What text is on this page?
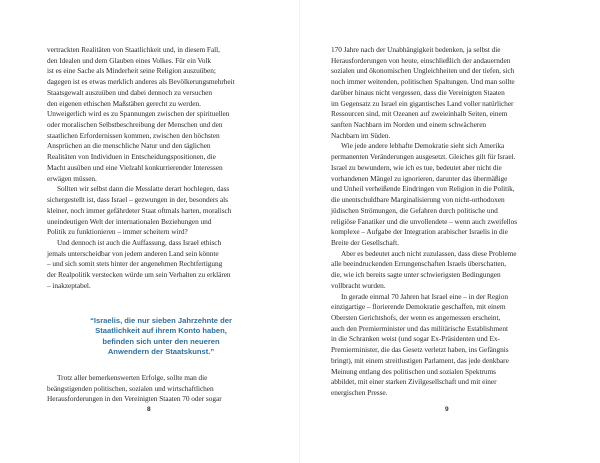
vertrackten Realitäten von Staatlichkeit und, in diesem Fall,
den Idealen und dem Glauben eines Volkes. Für ein Volk
ist es eine Sache als Minderheit seine Religion auszuüben;
dagegen ist es etwas merklich anderes als Bevölkerungsmehrheit
Staatsgewalt auszuüben und dabei dennoch zu versuchen
den eigenen ethischen Maßstäben gerecht zu werden.
Unweigerlich wird es zu Spannungen zwischen der spirituellen
oder moralischen Selbstbeschreibung der Menschen und den
staatlichen Erfordernissen kommen, zwischen den höchsten
Ansprüchen an die menschliche Natur und den täglichen
Realitäten von Individuen in Entscheidungspositionen, die
Macht ausüben und eine Vielzahl konkurrierender Interessen
erwägen müssen.
Sollten wir selbst dann die Messlatte derart hochlegen, dass
sichergestellt ist, dass Israel – gezwungen in der, besonders als
kleiner, noch immer gefährdeter Staat oftmals harten, moralisch
uneindeutigen Welt der internationalen Beziehungen und
Politik zu funktionieren – immer scheitern wird?
Und dennoch ist auch die Auffassung, dass Israel ethisch
jemals unterscheidbar von jedem anderen Land sein könnte
– und sich somit stets hinter der angenehmen Rechtfertigung
der Realpolitik verstecken würde um sein Verhalten zu erklären
– inakzeptabel.
“Israelis, die nur sieben Jahrzehnte der
Staatlichkeit auf ihrem Konto haben,
befinden sich unter den neueren
Anwendern der Staatskunst.”
Trotz aller bemerkenswerten Erfolge, sollte man die
beängstigenden politischen, sozialen und wirtschaftlichen
Herausforderungen in den Vereinigten Staaten 70 oder sogar
8
170 Jahre nach der Unabhängigkeit bedenken, ja selbst die
Herausforderungen von heute, einschließlich der andauernden
sozialen und ökonomischen Ungleichheiten und der tiefen, sich
noch immer weitenden, politischen Spaltungen. Und man sollte
darüber hinaus nicht vergessen, dass die Vereinigten Staaten
im Gegensatz zu Israel ein gigantisches Land voller natürlicher
Ressourcen sind, mit Ozeanen auf zweieinhalb Seiten, einem
sanften Nachbarn im Norden und einem schwächeren
Nachbarn im Süden.
Wie jede andere lebhafte Demokratie sieht sich Amerika
permanenten Veränderungen ausgesetzt. Gleiches gilt für Israel.
Israel zu bewundern, wie ich es tue, bedeutet aber nicht die
vorhandenen Mängel zu ignorieren, darunter das übermäßige
und Unheil verheißende Eindringen von Religion in die Politik,
die unentschuldbare Marginalisierung von nicht-orthodoxen
jüdischen Strömungen, die Gefahren durch politische und
religiöse Fanatiker und die unvollendete – wenn auch zweifellos
komplexe – Aufgabe der Integration arabischer Israelis in die
Breite der Gesellschaft.
Aber es bedeutet auch nicht zuzulassen, dass diese Probleme
alle beeindruckenden Errungenschaften Israels überschatten,
die, wie ich bereits sagte unter schwierigsten Bedingungen
vollbracht wurden.
In gerade einmal 70 Jahren hat Israel eine – in der Region
einzigartige – florierende Demokratie geschaffen, mit einem
Obersten Gerichtshofs, der wenn es angemessen erscheint,
auch den Premierminister und das militärische Establishment
in die Schranken weist (und sogar Ex-Präsidenten und Ex-
Premierminister, die das Gesetz verletzt haben, ins Gefängnis
bringt), mit einem streitlustigen Parlament, das jede denkbare
Meinung entlang des politischen und sozialen Spektrums
abbildet, mit einer starken Zivilgesellschaft und mit einer
energischen Presse.
9
